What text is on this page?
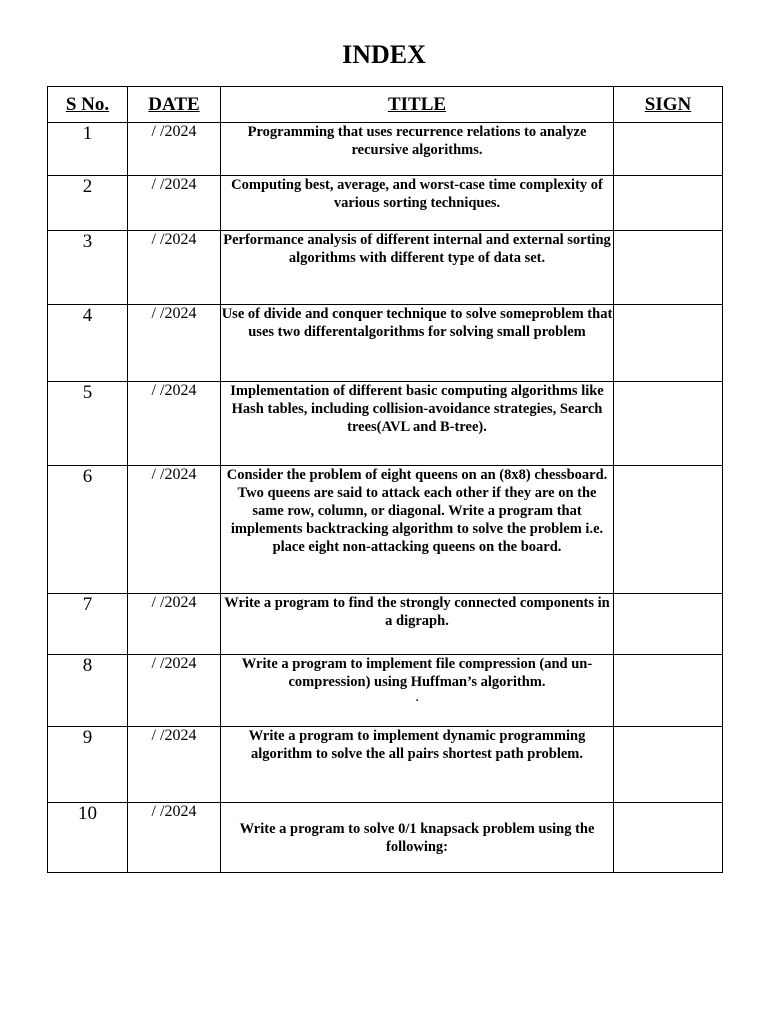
INDEX
S No.	DATE	TITLE	SIGN
1	/ /2024	Programming that uses recurrence relations to analyze recursive algorithms.	
2	/ /2024	Computing best, average, and worst-case time complexity of various sorting techniques.	
3	/ /2024	Performance analysis of different internal and external sorting algorithms with different type of data set.	
4	/ /2024	Use of divide and conquer technique to solve someproblem that uses two differentalgorithms for solving small problem	
5	/ /2024	Implementation of different basic computing algorithms like Hash tables, including collision-avoidance strategies, Search trees(AVL and B-tree).	
6	/ /2024	Consider the problem of eight queens on an (8x8) chessboard. Two queens are said to attack each other if they are on the same row, column, or diagonal. Write a program that implements backtracking algorithm to solve the problem i.e. place eight non-attacking queens on the board.	
7	/ /2024	Write a program to find the strongly connected components in a digraph.	
8	/ /2024	Write a program to implement file compression (and un-compression) using Huffman’s algorithm.
.	

9	/ /2024	Write a program to implement dynamic programming algorithm to solve the all pairs shortest path problem.	
10	/ /2024	Write a program to solve 0/1 knapsack problem using the following:	
